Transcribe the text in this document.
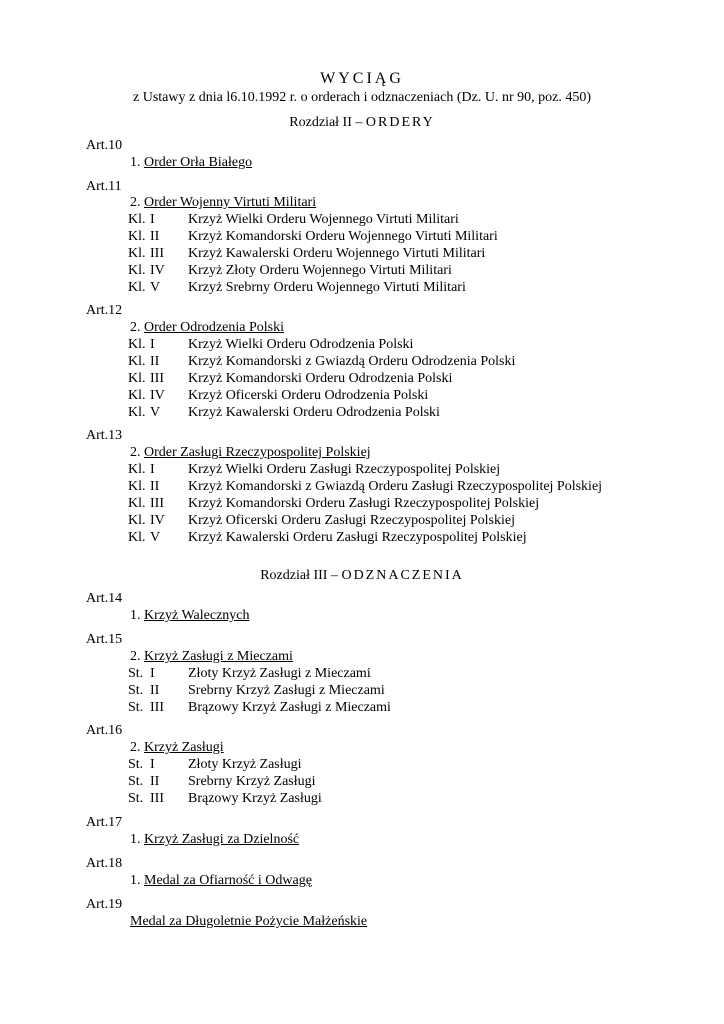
WYCIĄG
z Ustawy z dnia l6.10.1992 r. o orderach i odznaczeniach (Dz. U. nr 90, poz. 450)
Rozdział II – ORDERY
Rozdział III – ODZNACZENIA
Art.10
1. Order Orła Białego
Art.11
2. Order Wojenny Virtuti Militari
Kl. I Krzyż Wielki Orderu Wojennego Virtuti Militari
Kl. II Krzyż Komandorski Orderu Wojennego Virtuti Militari
Kl. III Krzyż Kawalerski Orderu Wojennego Virtuti Militari
Kl. IV Krzyż Złoty Orderu Wojennego Virtuti Militari
Kl. V Krzyż Srebrny Orderu Wojennego Virtuti Militari
Art.12
2. Order Odrodzenia Polski
Kl. I Krzyż Wielki Orderu Odrodzenia Polski
Kl. II Krzyż Komandorski z Gwiazdą Orderu Odrodzenia Polski
Kl. III Krzyż Komandorski Orderu Odrodzenia Polski
Kl. IV Krzyż Oficerski Orderu Odrodzenia Polski
Kl. V Krzyż Kawalerski Orderu Odrodzenia Polski
Art.13
2. Order Zasługi Rzeczypospolitej Polskiej
Kl. I Krzyż Wielki Orderu Zasługi Rzeczypospolitej Polskiej
Kl. II Krzyż Komandorski z Gwiazdą Orderu Zasługi Rzeczypospolitej Polskiej
Kl. III Krzyż Komandorski Orderu Zasługi Rzeczypospolitej Polskiej
Kl. IV Krzyż Oficerski Orderu Zasługi Rzeczypospolitej Polskiej
Kl. V Krzyż Kawalerski Orderu Zasługi Rzeczypospolitej Polskiej
Art.14
1. Krzyż Walecznych
Art.15
2. Krzyż Zasługi z Mieczami
St. I Złoty Krzyż Zasługi z Mieczami
St. II Srebrny Krzyż Zasługi z Mieczami
St. III Brązowy Krzyż Zasługi z Mieczami
Art.16
2. Krzyż Zasługi
St. I Złoty Krzyż Zasługi
St. II Srebrny Krzyż Zasługi
St. III Brązowy Krzyż Zasługi
Art.17
1. Krzyż Zasługi za Dzielność
Art.18
1. Medal za Ofiarność i Odwagę
Art.19
Medal za Długoletnie Pożycie Małżeńskie
